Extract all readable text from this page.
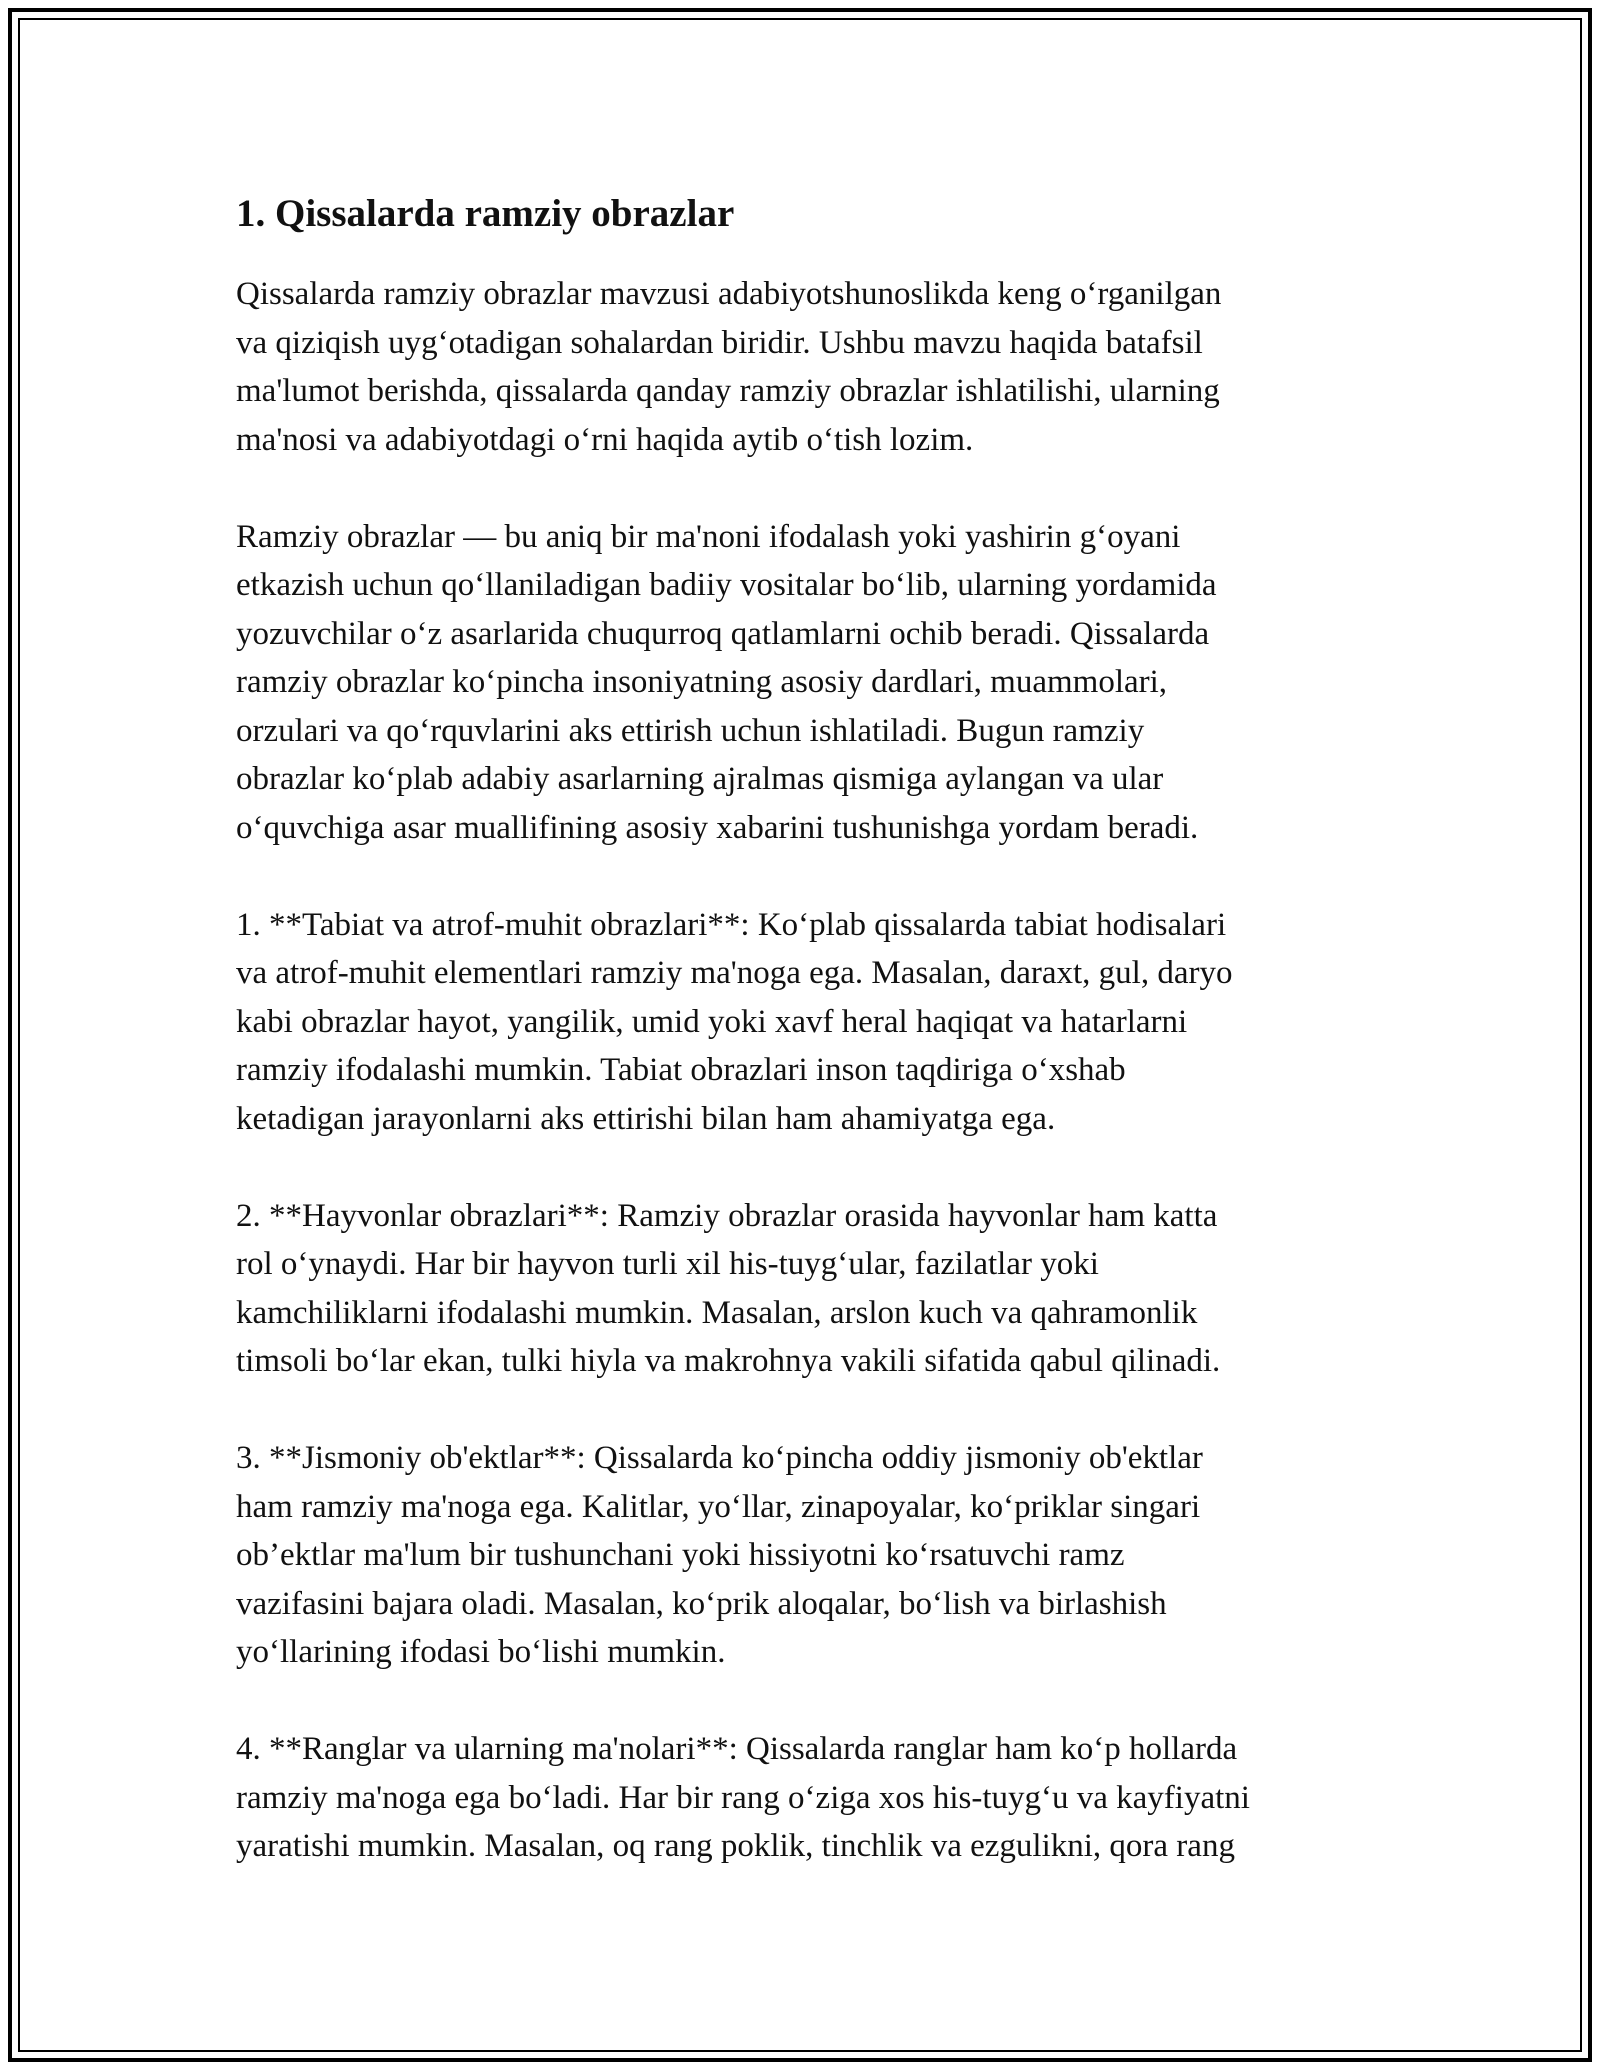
1. Qissalarda ramziy obrazlar

Qissalarda ramziy obrazlar mavzusi adabiyotshunoslikda keng o‘rganilgan
va qiziqish uyg‘otadigan sohalardan biridir. Ushbu mavzu haqida batafsil
ma'lumot berishda, qissalarda qanday ramziy obrazlar ishlatilishi, ularning
ma'nosi va adabiyotdagi o‘rni haqida aytib o‘tish lozim.

Ramziy obrazlar — bu aniq bir ma'noni ifodalash yoki yashirin g‘oyani
etkazish uchun qo‘llaniladigan badiiy vositalar bo‘lib, ularning yordamida
yozuvchilar o‘z asarlarida chuqurroq qatlamlarni ochib beradi. Qissalarda
ramziy obrazlar ko‘pincha insoniyatning asosiy dardlari, muammolari,
orzulari va qo‘rquvlarini aks ettirish uchun ishlatiladi. Bugun ramziy
obrazlar ko‘plab adabiy asarlarning ajralmas qismiga aylangan va ular
o‘quvchiga asar muallifining asosiy xabarini tushunishga yordam beradi.

1. **Tabiat va atrof-muhit obrazlari**: Ko‘plab qissalarda tabiat hodisalari
va atrof-muhit elementlari ramziy ma'noga ega. Masalan, daraxt, gul, daryo
kabi obrazlar hayot, yangilik, umid yoki xavf heral haqiqat va hatarlarni
ramziy ifodalashi mumkin. Tabiat obrazlari inson taqdiriga o‘xshab
ketadigan jarayonlarni aks ettirishi bilan ham ahamiyatga ega.

2. **Hayvonlar obrazlari**: Ramziy obrazlar orasida hayvonlar ham katta
rol o‘ynaydi. Har bir hayvon turli xil his-tuyg‘ular, fazilatlar yoki
kamchiliklarni ifodalashi mumkin. Masalan, arslon kuch va qahramonlik
timsoli bo‘lar ekan, tulki hiyla va makrohnya vakili sifatida qabul qilinadi.

3. **Jismoniy ob'ektlar**: Qissalarda ko‘pincha oddiy jismoniy ob'ektlar
ham ramziy ma'noga ega. Kalitlar, yo‘llar, zinapoyalar, ko‘priklar singari
ob’ektlar ma'lum bir tushunchani yoki hissiyotni ko‘rsatuvchi ramz
vazifasini bajara oladi. Masalan, ko‘prik aloqalar, bo‘lish va birlashish
yo‘llarining ifodasi bo‘lishi mumkin.

4. **Ranglar va ularning ma'nolari**: Qissalarda ranglar ham ko‘p hollarda
ramziy ma'noga ega bo‘ladi. Har bir rang o‘ziga xos his-tuyg‘u va kayfiyatni
yaratishi mumkin. Masalan, oq rang poklik, tinchlik va ezgulikni, qora rang
